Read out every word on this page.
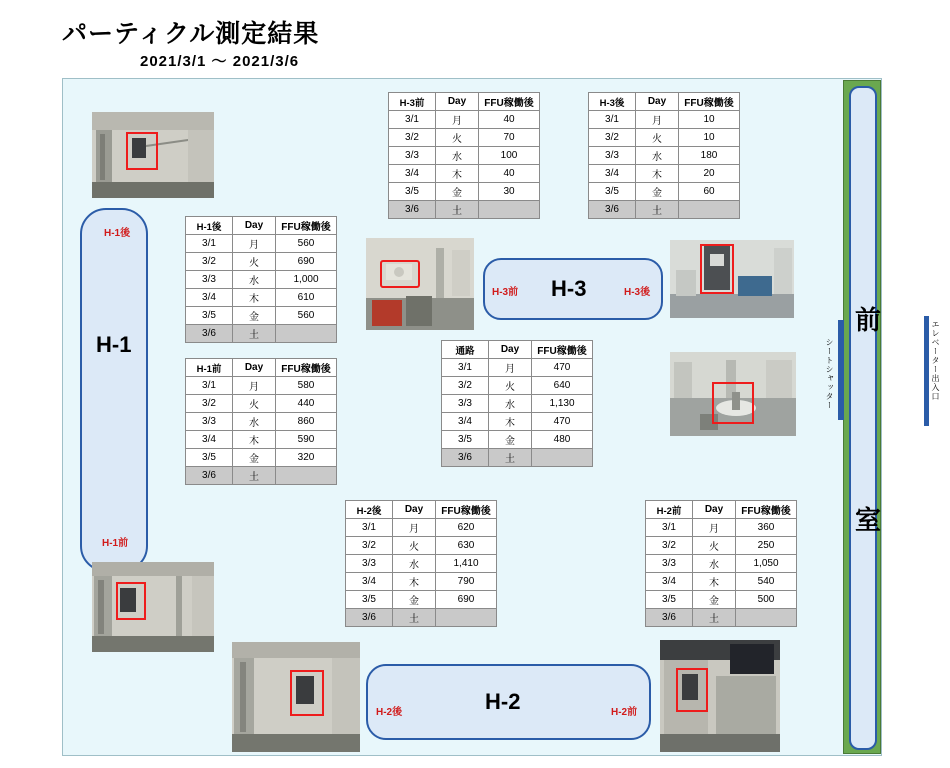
パーティクル測定結果
2021/3/1 ～ 2021/3/6
前
室
シートシャッター	エレベーター出入口
H-1
H-1後
H-1前
H-3
H-3前	H-3後
H-2
H-2後	H-2前
H-3前	Day	FFU稼働後
3/1	月	40
3/2	火	70
3/3	水	100
3/4	木	40
3/5	金	30
3/6	土	
H-3後	Day	FFU稼働後
3/1	月	10
3/2	火	10
3/3	水	180
3/4	木	20
3/5	金	60
3/6	土	
H-1後	Day	FFU稼働後
3/1	月	560
3/2	火	690
3/3	水	1,000
3/4	木	610
3/5	金	560
3/6	土	
H-1前	Day	FFU稼働後
3/1	月	580
3/2	火	440
3/3	水	860
3/4	木	590
3/5	金	320
3/6	土	
通路	Day	FFU稼働後
3/1	月	470
3/2	火	640
3/3	水	1,130
3/4	木	470
3/5	金	480
3/6	土	
H-2後	Day	FFU稼働後
3/1	月	620
3/2	火	630
3/3	水	1,410
3/4	木	790
3/5	金	690
3/6	土	
H-2前	Day	FFU稼働後
3/1	月	360
3/2	火	250
3/3	水	1,050
3/4	木	540
3/5	金	500
3/6	土	
